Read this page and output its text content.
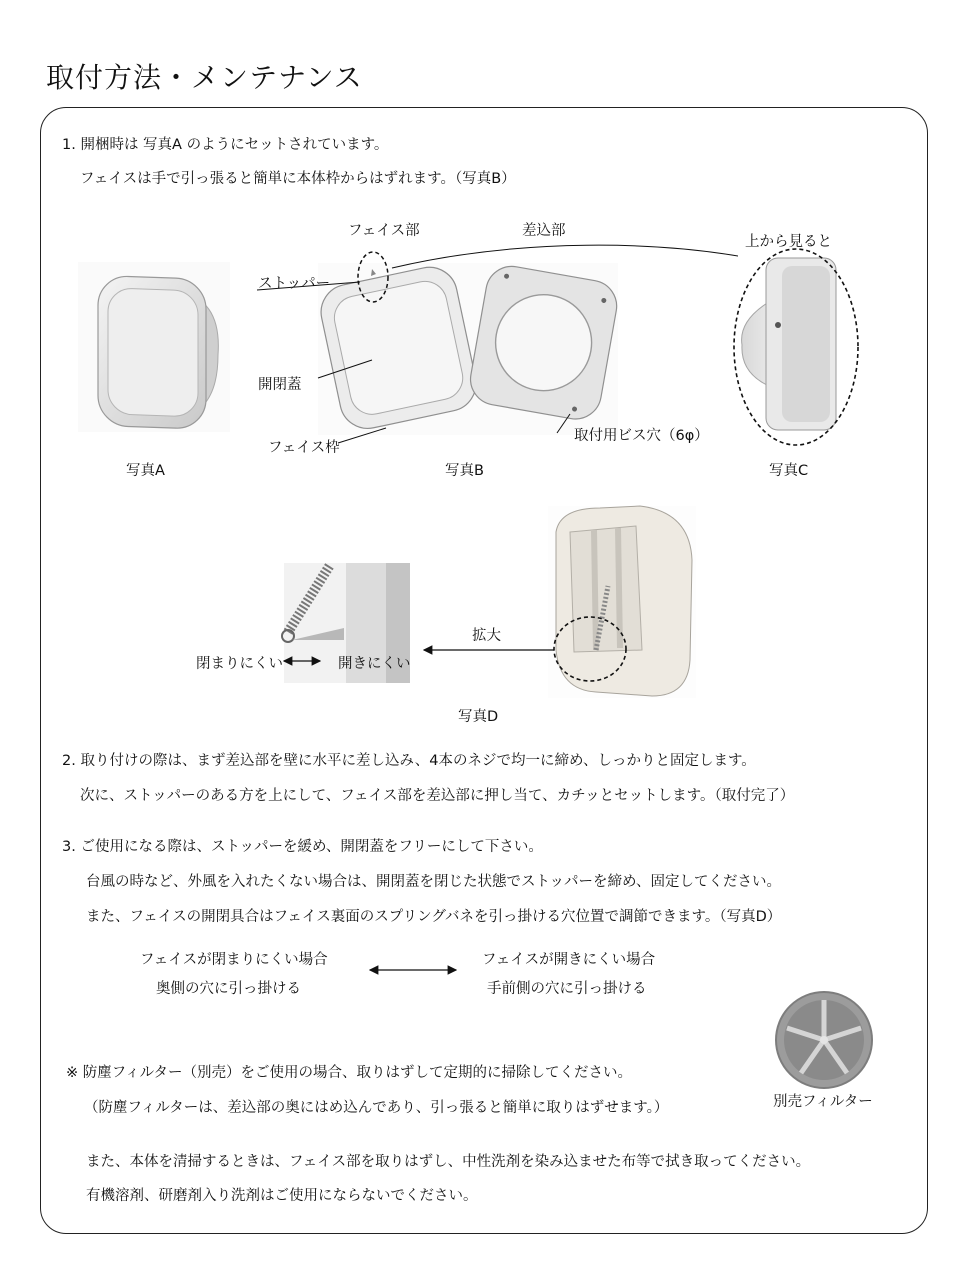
取付方法・メンテナンス
1. 開梱時は 写真A のようにセットされています。
フェイスは手で引っ張ると簡単に本体枠からはずれます。（写真B）
フェイス部	差込部
ストッパー
開閉蓋
フェイス枠
取付用ビス穴（6φ）
上から見ると
写真A	写真B	写真C
拡大
閉まりにくい	開きにくい
写真D
2. 取り付けの際は、まず差込部を壁に水平に差し込み、4本のネジで均一に締め、しっかりと固定します。
次に、ストッパーのある方を上にして、フェイス部を差込部に押し当て、カチッとセットします。（取付完了）
3. ご使用になる際は、ストッパーを緩め、開閉蓋をフリーにして下さい。
台風の時など、外風を入れたくない場合は、開閉蓋を閉じた状態でストッパーを締め、固定してください。
また、フェイスの開閉具合はフェイス裏面のスプリングバネを引っ掛ける穴位置で調節できます。（写真D）
フェイスが閉まりにくい場合
奥側の穴に引っ掛ける
フェイスが開きにくい場合
手前側の穴に引っ掛ける
※ 防塵フィルター（別売）をご使用の場合、取りはずして定期的に掃除してください。
（防塵フィルターは、差込部の奥にはめ込んであり、引っ張ると簡単に取りはずせます。）	別売フィルター
また、本体を清掃するときは、フェイス部を取りはずし、中性洗剤を染み込ませた布等で拭き取ってください。
有機溶剤、研磨剤入り洗剤はご使用にならないでください。
